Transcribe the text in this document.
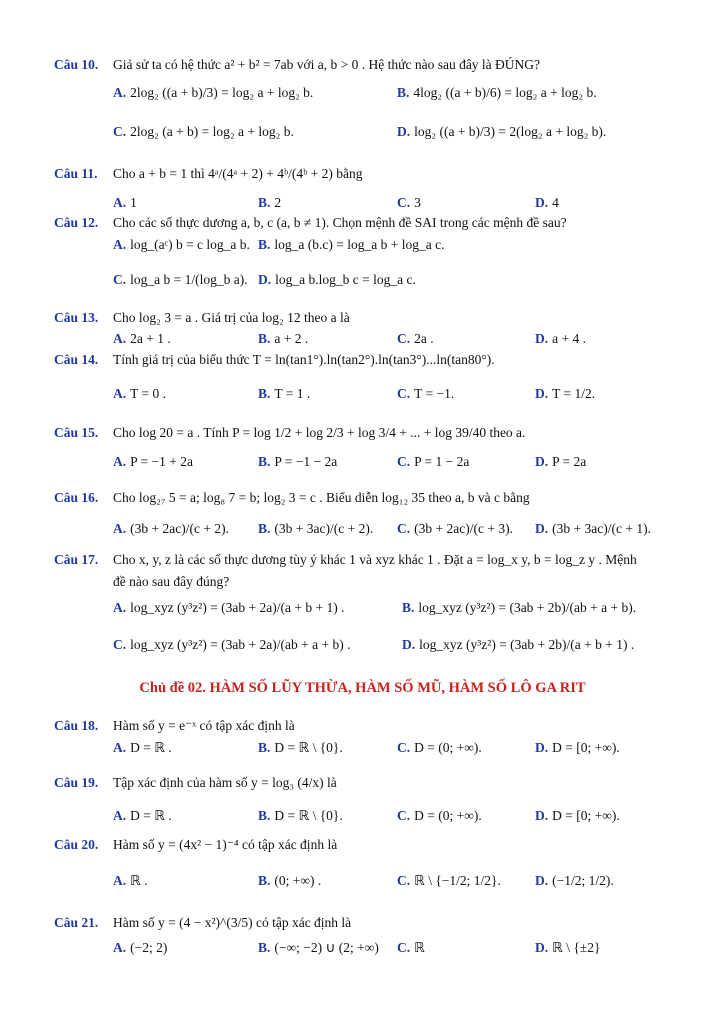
Câu 10. Giả sử ta có hệ thức a² + b² = 7ab với a, b > 0 . Hệ thức nào sau đây là ĐÚNG?
A. 2log₂ ((a + b)/3) = log₂ a + log₂ b.	B. 4log₂ ((a + b)/6) = log₂ a + log₂ b.
C. 2log₂ (a + b) = log₂ a + log₂ b.	D. log₂ ((a + b)/3) = 2(log₂ a + log₂ b).
Câu 11. Cho a + b = 1 thì 4ᵃ/(4ᵃ + 2) + 4ᵇ/(4ᵇ + 2) bằng
A. 1	B. 2	C. 3	D. 4
Câu 12. Cho các số thực dương a, b, c (a, b ≠ 1). Chọn mệnh đề SAI trong các mệnh đề sau?
A. log_(aᶜ) b = c log_a b. B. log_a (b.c) = log_a b + log_a c.
C. log_a b = 1/(log_b a). D. log_a b.log_b c = log_a c.
Câu 13. Cho log₂ 3 = a . Giá trị của log₂ 12 theo a là
A. 2a + 1 .	B. a + 2 .	C. 2a .	D. a + 4 .
Câu 14. Tính giá trị của biểu thức T = ln(tan1°).ln(tan2°).ln(tan3°)...ln(tan80°).
A. T = 0 .	B. T = 1 .	C. T = −1.	D. T = 1/2.
Câu 15. Cho log 20 = a . Tính P = log 1/2 + log 2/3 + log 3/4 + ... + log 39/40 theo a.
A. P = −1 + 2a	B. P = −1 − 2a	C. P = 1 − 2a	D. P = 2a
Câu 16. Cho log₂₇ 5 = a; log₈ 7 = b; log₂ 3 = c . Biểu diễn log₁₂ 35 theo a, b và c bằng
A. (3b + 2ac)/(c + 2). B. (3b + 3ac)/(c + 2). C. (3b + 2ac)/(c + 3). D. (3b + 3ac)/(c + 1).
Câu 17. Cho x, y, z là các số thực dương tùy ý khác 1 và xyz khác 1 . Đặt a = log_x y, b = log_z y . Mệnh
đề nào sau đây đúng?
A. log_xyz (y³z²) = (3ab + 2a)/(a + b + 1) .	B. log_xyz (y³z²) = (3ab + 2b)/(ab + a + b).
C. log_xyz (y³z²) = (3ab + 2a)/(ab + a + b) .	D. log_xyz (y³z²) = (3ab + 2b)/(a + b + 1) .
Câu 18. Hàm số y = e⁻ˣ có tập xác định là
A. D = ℝ .	B. D = ℝ \ {0}.	C. D = (0; +∞).	D. D = [0; +∞).
Câu 19. Tập xác định của hàm số y = log₃ (4/x) là
A. D = ℝ .	B. D = ℝ \ {0}.	C. D = (0; +∞).	D. D = [0; +∞).
Câu 20. Hàm số y = (4x² − 1)⁻⁴ có tập xác định là
A. ℝ .	B. (0; +∞) .	C. ℝ \ {−1/2; 1/2}.	D. (−1/2; 1/2).
Câu 21. Hàm số y = (4 − x²)^(3/5) có tập xác định là
A. (−2; 2)	B. (−∞; −2) ∪ (2; +∞) C. ℝ	D. ℝ \ {±2}
Chủ đề 02. HÀM SỐ LŨY THỪA, HÀM SỐ MŨ, HÀM SỐ LÔ GA RIT
